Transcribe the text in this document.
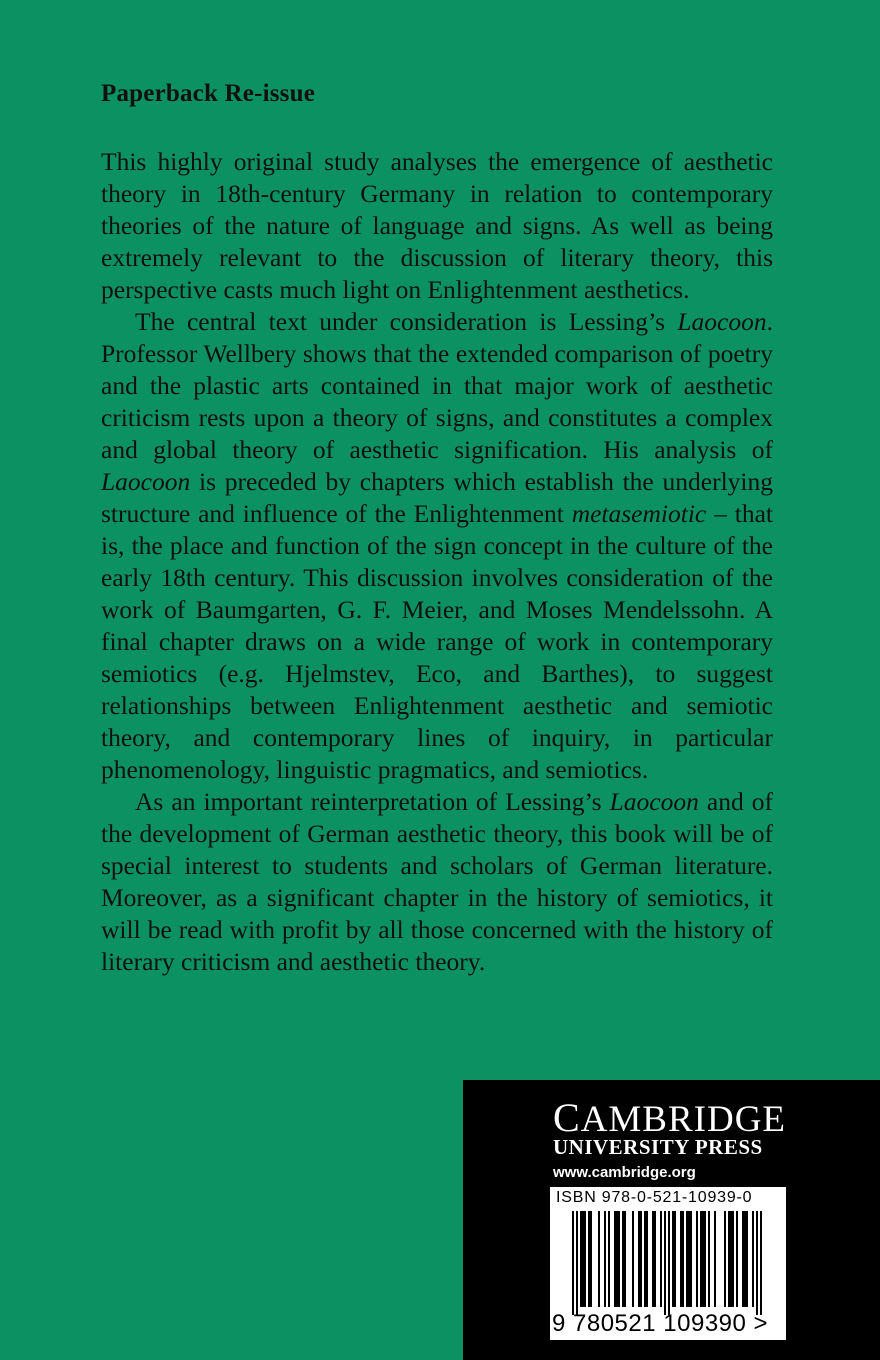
Paperback Re-issue

This highly original study analyses the emergence of aesthetic theory in 18th-century Germany in relation to contemporary theories of the nature of language and signs. As well as being extremely relevant to the discussion of literary theory, this perspective casts much light on Enlightenment aesthetics.

The central text under consideration is Lessing’s Laocoon. Professor Wellbery shows that the extended comparison of poetry and the plastic arts contained in that major work of aesthetic criticism rests upon a theory of signs, and constitutes a complex and global theory of aesthetic signification. His analysis of Laocoon is preceded by chapters which establish the underlying structure and influence of the Enlightenment metasemiotic – that is, the place and function of the sign concept in the culture of the early 18th century. This discussion involves consideration of the work of Baumgarten, G. F. Meier, and Moses Mendelssohn. A final chapter draws on a wide range of work in contemporary semiotics (e.g. Hjelmstev, Eco, and Barthes), to suggest relationships between Enlightenment aesthetic and semiotic theory, and contemporary lines of inquiry, in particular phenomenology, linguistic pragmatics, and semiotics.

As an important reinterpretation of Lessing’s Laocoon and of the development of German aesthetic theory, this book will be of special interest to students and scholars of German literature. Moreover, as a significant chapter in the history of semiotics, it will be read with profit by all those concerned with the history of literary criticism and aesthetic theory.

CAMBRIDGE
UNIVERSITY PRESS
www.cambridge.org
ISBN 978-0-521-10939-0
9 780521 109390 >
